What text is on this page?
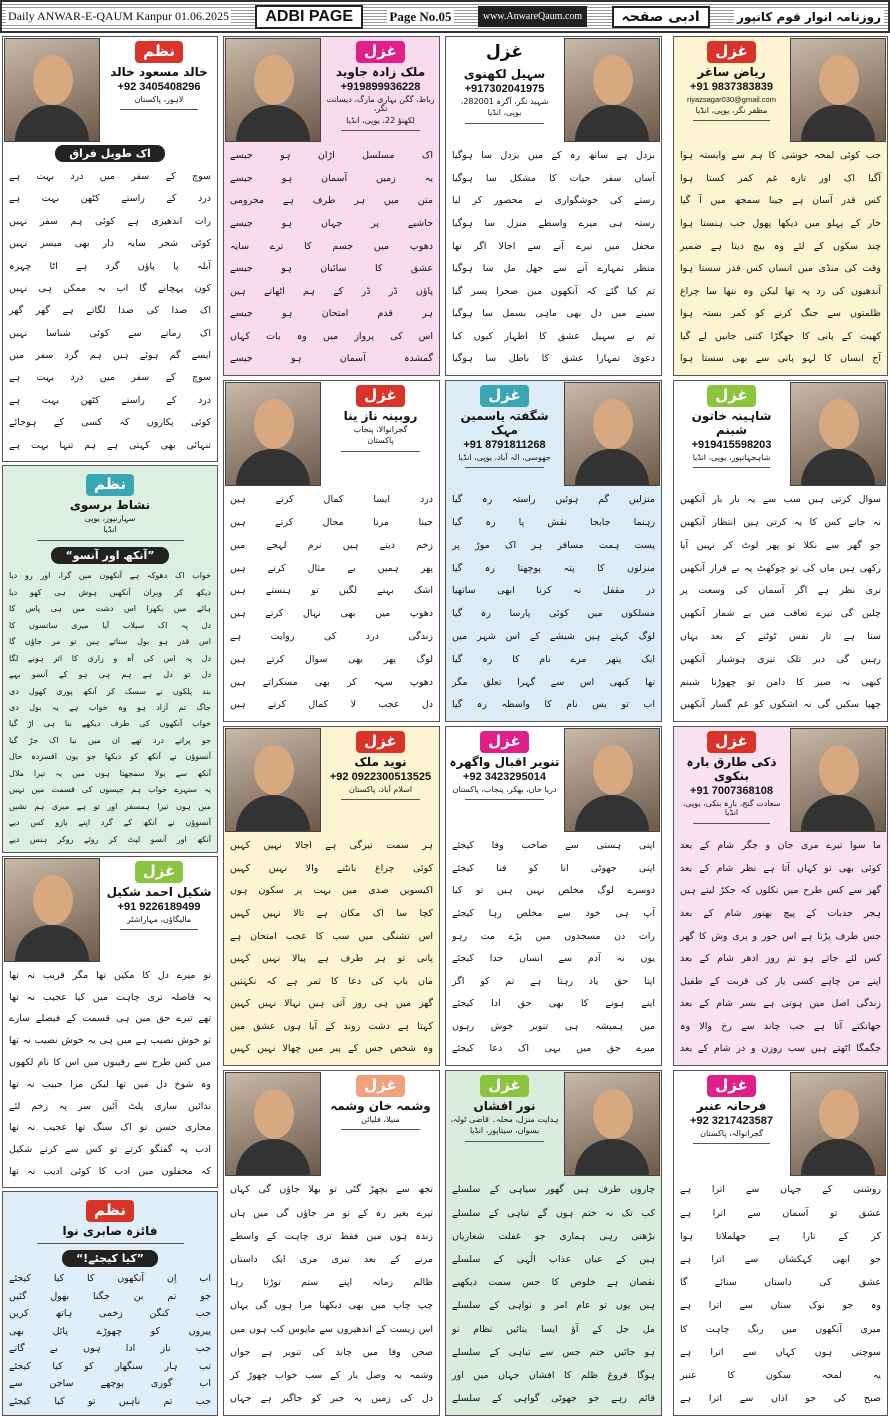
Daily ANWAR-E-QAUM Kanpur 01.06.2025	ADBI PAGE	Page No.05	www.AnwareQaum.com	ادبی صفحہ	روزنامہ انوار قوم کانپور
نظم
خالد مسعود خالد
+92 3405408296
لاہور، پاکستان
اک طویل فراق
سوچ کے سفر میں درد بہت ہے
درد کے راستے کٹھن بہت ہے
رات اندھیری ہے کوئی ہم سفر نہیں
کوئی شجر سایہ دار بھی میسر نہیں
آبلہ پا پاؤں گرد ہے اٹا چہرہ
کون پہچانے گا اب یہ ممکن ہی نہیں
اک صدا کی صدا لگاتے ہے گھر گھر
اک زمانے سے کوئی شناسا نہیں
ایسے گم ہوئے ہیں ہم گرد سفر میں
سوچ کے سفر میں درد بہت ہے
درد کے راستے کٹھن بہت ہے
کوئی پکاروں کہ کسی کے ہوجائے
تنہائی بھی کہتی ہے ہم تنہا بہت ہے
نظم
نشاط برسوی
سہارنپور، یوپی
انڈیا
”آنکھ اور آنسو“
خواب اک دھوکہ ہے آنکھوں میں گرا، اور رو دیا
دیکھ کر ویران آنکھیں ہوش ہی کھو دیا
ہائے میں بکھرا اس دشت میں ہی پاس کا
دل پہ اک سیلاب آیا میری سانسوں کا
اس قدر ہو بول سناتے ہیں تو مر جاؤں گا
دل پہ اس کی آہ و زاری کا اثر ہونے لگا
دل تو دل ہے ہم ہی ہو کے آنسو بہے
بند پلکوں نے سسک کر آنکھ پوری کھول دی
جاگ تم آزاد ہو وہ خواب ہے یہ بول دی
خواب آنکھوں کی طرف دیکھے بنا ہی اڑ گیا
جو پرانے درد تھے ان میں نیا اک جڑ گیا
آنسوؤں نے آنکھ کو دیکھا جو یوں افسردہ حال
آنکھ سے بولا سمجھتا ہوں میں یہ تیرا ملال
یہ سنہرے خواب ہم جیسوں کی قسمت میں نہیں
میں ہوں تیرا ہمسفر اور تو ہے میری ہم نشیں
آنسوؤں نے آنکھ کے گرد اپنے بازو کس دیے
آنکھ اور آنسو لپٹ کر روئے روکر ہنس دیے
غزل
شکیل احمد شکیل
+91 9226189499
مالیگاؤں، مہاراشٹر
تو میرے دل کا مکیں تھا مگر قریب نہ تھا
یہ فاصلہ تری چاہت میں کیا عجیب نہ تھا
تھے تیرے حق میں ہی قسمت کے فیصلے سارے
تو خوش نصیب ہے میں ہی یہ خوش نصیب نہ تھا
میں کس طرح سے رقیبوں میں اس کا نام لکھوں
وہ شوخ دل میں تھا لیکن مرا حبیب نہ تھا
ندائیں ساری پلٹ آئیں سر پہ زخم لئے
مجازی حسن تو اک سنگ تھا عجیب نہ تھا
ادب پہ گفتگو کرتے تو کس سے کرتے شکیل
کہ محفلوں میں ادب کا کوئی ادیب نہ تھا
نظم
فائزہ صابری نوا
”کیا کیجئے!“
اب اِن آنکھوں کا کیا کیجئے
جو تم بن جگنا بھول گئیں
جب کنگن زخمی ہاتھ کریں
پیروں کو چھوڑے پائل بھی
جب ناز ادا ہوں بے گاتے
تب ہار سنگھار کو کیا کیجئے
اب گوری پوچھے ساجن سے
جب تم ناہیں تو کیا کیجئے
غزل
ملک زادہ جاوید
+919899936228
رباط، گگن بہاری مارگ، دیسانت نگر،
لکھنؤ 22، یوپی، انڈیا
اک مسلسل اڑان ہو جیسے
یہ زمیں آسمان ہو جیسے
متن میں ہر طرف ہے محرومی
حاشیے پر جہاں ہو جیسے
دھوپ میں جسم کا ترے سایہ
عشق کا سائبان ہو جیسے
پاؤں ڈر ڈر کے ہم اٹھاتے ہیں
ہر قدم امتحان ہو جیسے
اس کی پرواز میں وہ بات کہاں
گمشدہ آسمان ہو جیسے
غزل
روبینہ ناز ینا
گجرانوالا، پنجاب
پاکستان
درد ایسا کمال کرتے ہیں
جینا مرنا محال کرتے ہیں
زخم دیتے ہیں نرم لہجے میں
پھر ہمیں بے مثال کرتے ہیں
اشک بہنے لگیں تو ہنستے ہیں
دھوپ میں بھی نہال کرتے ہیں
زندگی درد کی روایت ہے
لوگ پھر بھی سوال کرتے ہیں
دھوپ سہہ کر بھی مسکراتے ہیں
دل عجب لا کمال کرتے ہیں
غزل
نوید ملک
+92 0922300513525
اسلام آباد، پاکستان
ہر سمت تیرگی ہے اجالا نہیں کہیں
کوئی چراغ بانٹنے والا نہیں کہیں
اکیسویں صدی میں بہت پر سکون ہوں
کچا سا اک مکان ہے تالا نہیں کہیں
اس تشنگی میں سب کا عجب امتحان ہے
پانی تو ہر طرف ہے پیالا نہیں کہیں
ماں باپ کی دعا کا ثمر ہے کہ نکہتیں
گھر میں ہی روز آتی ہیں نہالا نہیں کہیں
کہتا ہے دشت روند کے آیا ہوں عشق میں
وہ شخص جس کے پیر میں چھالا نہیں کہیں
غزل
وشمہ خان وشمہ
منیلا، فلپائن
تجھ سے بچھڑ گئی تو بھلا جاؤں گی کہاں
تیرے بغیر رہ کے تو مر جاؤں گی میں ہاں
زندہ ہوں میں فقط تری چاہت کے واسطے
مرنے کے بعد تیری مری ایک داستاں
ظالم زمانہ اپنے ستم توڑتا رہا
چپ چاپ میں بھی دیکھنا مرا ہوں گی یہاں
اس زیست کے اندھیروں سے مایوس کب ہوں میں
صحن وفا میں چاند کی تنویر ہے جواں
وشمہ یہ وصل یار کے سب خواب چھوڑ کر
دل کی زمیں پہ جبر کو جاگیر ہے جہاں
غزل
سہیل لکھنوی
+917302041975
شہید نگر، آگرہ 282001،
یوپی، انڈیا
بزدل ہے ساتھ رہ کے میں بزدل سا ہوگیا
آساں سفر حیات کا مشکل سا ہوگیا
رستے کی خوشگواری نے محصور کر لیا
رستہ ہی میرے واسطے منزل سا ہوگیا
محفل میں تیرے آنے سے اجالا اگر تھا
منظر تمہارے آنے سے جھل مل سا ہوگیا
تم کیا گئے کہ آنکھوں میں صحرا پسر گیا
سینے میں دل بھی ماہی بسمل سا ہوگیا
تم نے سہیل عشق کا اظہار کیوں کیا
دعویٰ تمہارا عشق کا باطل سا ہوگیا
غزل
شگفتہ یاسمین مہک
+91 8791811268
جھوسی، الہ آباد، یوپی، انڈیا
منزلیں گم ہوئیں راستہ رہ گیا
رہنما جابجا نقش پا رہ گیا
پست ہمت مسافر ہر اک موڑ پر
منزلوں کا پتہ پوچھتا رہ گیا
در مقفل نہ کرنا ابھی ساتھیا
مسلکوں میں کوئی پارسا رہ گیا
لوگ کہتے ہیں شیشے کے اس شہر میں
ایک پتھر مرے نام کا رہ گیا
تھا کبھی اس سے گہرا تعلق مگر
اب تو بس نام کا واسطہ رہ گیا
غزل
تنویر اقبال واگھرہ
+92 3423295014
دریا خاں، بھکر، پنجاب، پاکستان
اپنی ہستی سے صاحب وفا کیجئے
اپنی جھوٹی انا کو فنا کیجئے
دوسرے لوگ مخلص نہیں ہیں تو کیا
آپ ہی خود سے مخلص رہا کیجئے
رات دن مسجدوں میں پڑے مت رہو
یوں نہ آدم سے انساں جدا کیجئے
اپنا حق یاد رہتا ہے تم کو اگر
اپنے ہونے کا بھی حق ادا کیجئے
میں ہمیشہ ہی تنویر خوش رہوں
میرے حق میں یہی اک دعا کیجئے
غزل
نور افشاں
ہدایت منزل، محلہ۔ قاضی ٹولہ،
بسواں، سیتاپور، انڈیا
چاروں طرف ہیں گھور سیاہی کے سلسلے
کب تک نہ ختم ہوں گے تباہی کے سلسلے
بڑھتی رہی ہماری جو غفلت شعاریاں
ہیں کے عیاں عذاب الٰہی کے سلسلے
نقصان ہے خلوص کا جس سمت دیکھیے
ہیں یوں تو عام امر و نواہی کے سلسلے
مل جل کے آؤ ایسا بنائیں نظام نو
ہو جائیں ختم جس سے تباہی کے سلسلے
ہوگا فروغ ظلم کا افشاں جہاں میں اور
قائم رہے جو جھوٹی گواہی کے سلسلے
غزل
ریاض ساغر
+91 9837383839
riyazsagar030@gmail.com
مظفر نگر، یوپی، انڈیا
جب کوئی لمحہ خوشی کا ہم سے وابستہ ہوا
آگیا اک اور تازہ غم کمر کستا ہوا
کس قدر آسان ہے جینا سمجھ میں آ گیا
خار کے پہلو میں دیکھا پھول جب ہنستا ہوا
چند سکوں کے لئے وہ بیچ دیتا ہے ضمیر
وقت کی منڈی میں انساں کس قدر سستا ہوا
آندھیوں کی زد پہ تھا لیکن وہ ننھا سا چراغ
ظلمتوں سے جنگ کرنے کو کمر بستہ ہوا
کھیت کے پانی کا جھگڑا کتنی جانیں لے گیا
آج انساں کا لہو پانی سے بھی سستا ہوا
غزل
شاہینہ خاتون شبنم
+919415598203
شاہجہانپور، یوپی، انڈیا
سوال کرتی ہیں سب سے یہ بار بار آنکھیں
نہ جانے کس کا یہ کرتی ہیں انتظار آنکھیں
جو گھر سے نکلا تو پھر لوٹ کر نہیں آیا
رکھی ہیں ماں کی تو چوکھٹ پہ بے قرار آنکھیں
تری نظر ہے اگر آسماں کی وسعت پر
چلیں گی تیرے تعاقب میں بے شمار آنکھیں
سنا ہے تار نفس ٹوٹنے کے بعد یہاں
رہیں گی دیر تلک تیری ہوشیار آنکھیں
کبھی نہ صبر کا دامن تو چھوڑنا شبنم
چھپا سکیں گی نہ اشکوں کو غم گسار آنکھیں
غزل
ذکی طارق بارہ بنکوی
+91 7007368108
سعادت گنج، بارہ بنکی، یوپی، انڈیا
ما سوا تیرے مری جان و جگر شام کے بعد
کوئی بھی تو کہاں آتا ہے نظر شام کے بعد
گھر سے کس طرح میں نکلوں کہ جکڑ لیتے ہیں
ہجر جذبات کے پیچ بھنور شام کے بعد
جس طرف پڑتا ہے اس حور و پری وش کا گھر
کس لئے جاتے ہو تم روز ادھر شام کے بعد
اپنے من چاہے کسی یار کی قربت کے طفیل
زندگی اصل میں ہوتی ہے بسر شام کے بعد
جھانکتے آتا ہے جب چاند سے رخ والا وہ
جگمگا اٹھتے ہیں سب روزن و در شام کے بعد
غزل
فرحانہ عنبر
+92 3217423587
گجرانوالہ، پاکستان
روشنی کے جہاں سے اترا ہے
عشق تو آسماں سے اترا ہے
کر کے تارا ہے جھلملاتا ہوا
جو ابھی کہکشاں سے اترا ہے
عشق کی داستاں سنائے گا
وہ جو نوک سناں سے اترا ہے
میری آنکھوں میں رنگ چاہت کا
سوچتی ہوں کہاں سے اترا ہے
یہ لمحہ سکون کا عنبر
صبح کی جو اذاں سے اترا ہے
